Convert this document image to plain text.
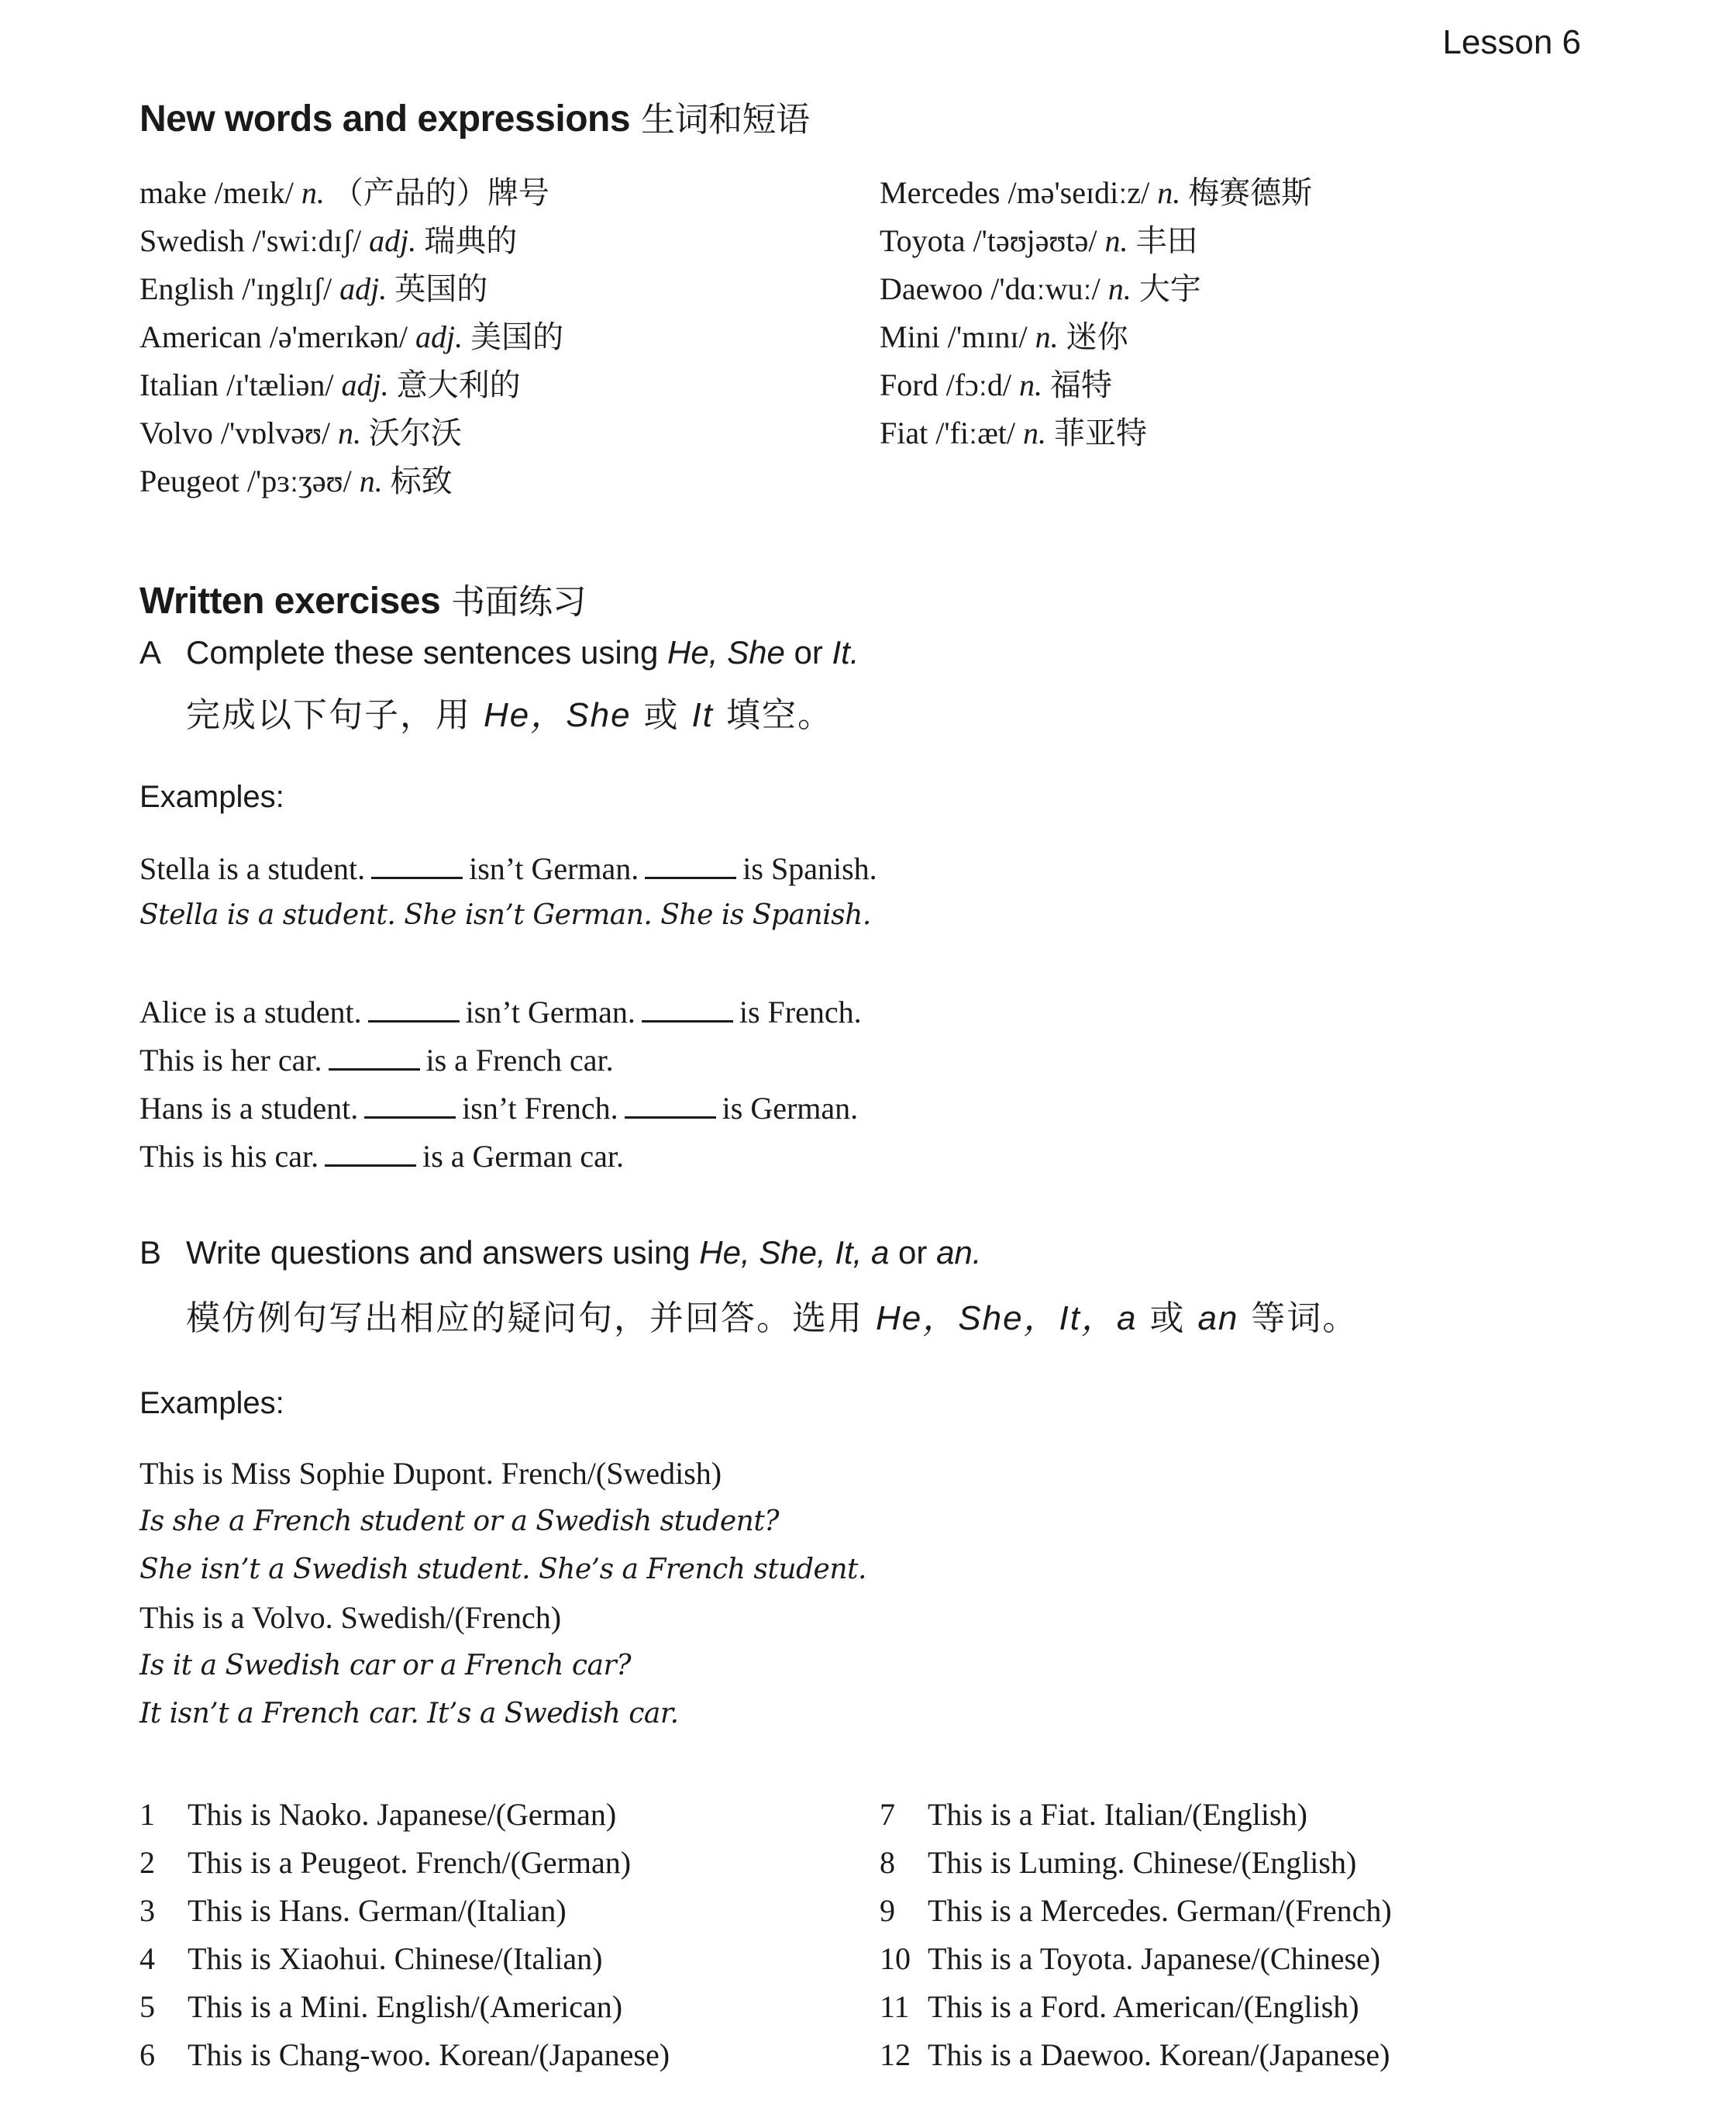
Lesson 6
New words and expressions 生词和短语
make /meɪk/ n. （产品的）牌号
Swedish /'swiːdɪʃ/ adj. 瑞典的
English /'ɪŋglɪʃ/ adj. 英国的
American /ə'merɪkən/ adj. 美国的
Italian /ɪ'tæliən/ adj. 意大利的
Volvo /'vɒlvəʊ/ n. 沃尔沃
Peugeot /'pɜːʒəʊ/ n. 标致
Mercedes /mə'seɪdiːz/ n. 梅赛德斯
Toyota /'təʊjəʊtə/ n. 丰田
Daewoo /'dɑːwuː/ n. 大宇
Mini /'mɪnɪ/ n. 迷你
Ford /fɔːd/ n. 福特
Fiat /'fiːæt/ n. 菲亚特
Written exercises 书面练习
A Complete these sentences using He, She or It.
完成以下句子，用 He，She 或 It 填空。
Examples:
Stella is a student.	isn’t German.	is Spanish.
Stella is a student. She isn’t German. She is Spanish.
Alice is a student.	isn’t German.	is French.
This is her car.	is a French car.
Hans is a student.	isn’t French.	is German.
This is his car.	is a German car.
B Write questions and answers using He, She, It, a or an.
模仿例句写出相应的疑问句，并回答。选用 He，She，It，a 或 an 等词。
Examples:
This is Miss Sophie Dupont. French/(Swedish)
Is she a French student or a Swedish student?
She isn’t a Swedish student. She’s a French student.
This is a Volvo. Swedish/(French)
Is it a Swedish car or a French car?
It isn’t a French car. It’s a Swedish car.
1 This is Naoko. Japanese/(German)
2 This is a Peugeot. French/(German)
3 This is Hans. German/(Italian)
4 This is Xiaohui. Chinese/(Italian)
5 This is a Mini. English/(American)
6 This is Chang-woo. Korean/(Japanese)
7 This is a Fiat. Italian/(English)
8 This is Luming. Chinese/(English)
9 This is a Mercedes. German/(French)
10 This is a Toyota. Japanese/(Chinese)
11 This is a Ford. American/(English)
12 This is a Daewoo. Korean/(Japanese)
